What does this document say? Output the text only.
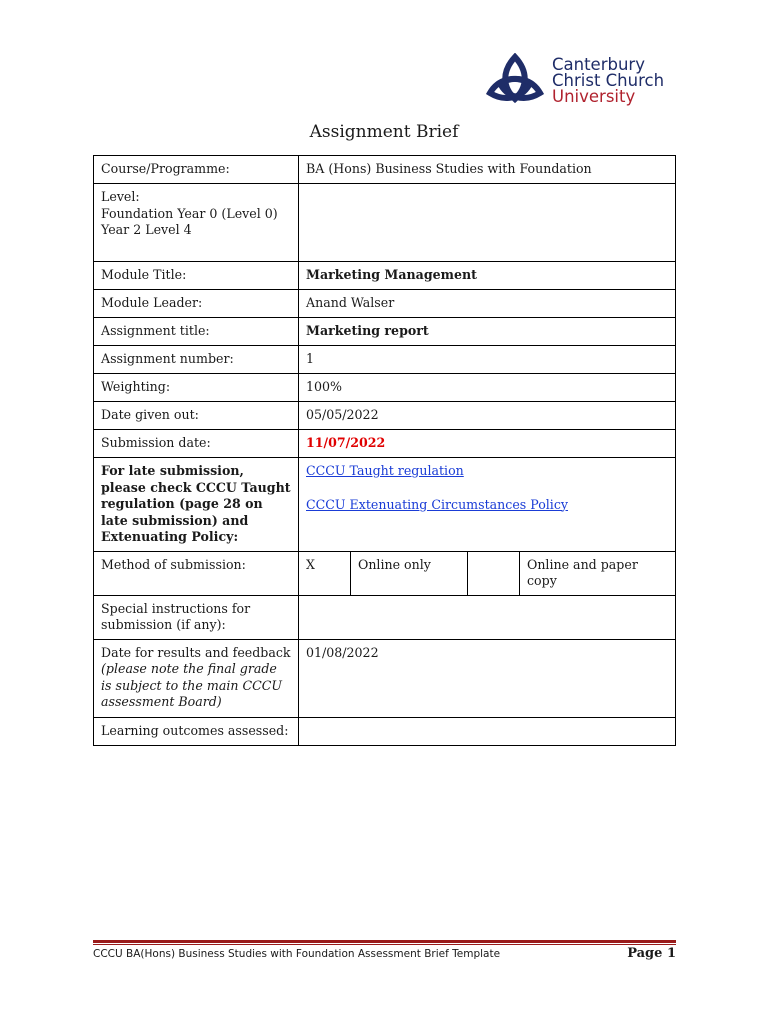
Canterbury
Christ Church
University
Assignment Brief
Course/Programme:	BA (Hons) Business Studies with Foundation			

Level:
Foundation Year 0 (Level 0)
Year 2 Level 4				

Module Title:	Marketing Management			
Module Leader:	Anand Walser			
Assignment title:	Marketing report			
Assignment number:	1			
Weighting:	100%			
Date given out:	05/05/2022			
Submission date:	11/07/2022			
For late submission, please check CCCU Taught regulation (page 28 on late submission) and Extenuating Policy:	CCCU Taught regulation
CCCU Extenuating Circumstances Policy			

Method of submission:	X	Online only		Online and paper copy
Special instructions for submission (if any):				
Date for results and feedback (please note the final grade is subject to the main CCCU assessment Board)	01/08/2022			
Learning outcomes assessed:				
CCCU BA(Hons) Business Studies with Foundation Assessment Brief Template	Page 1
